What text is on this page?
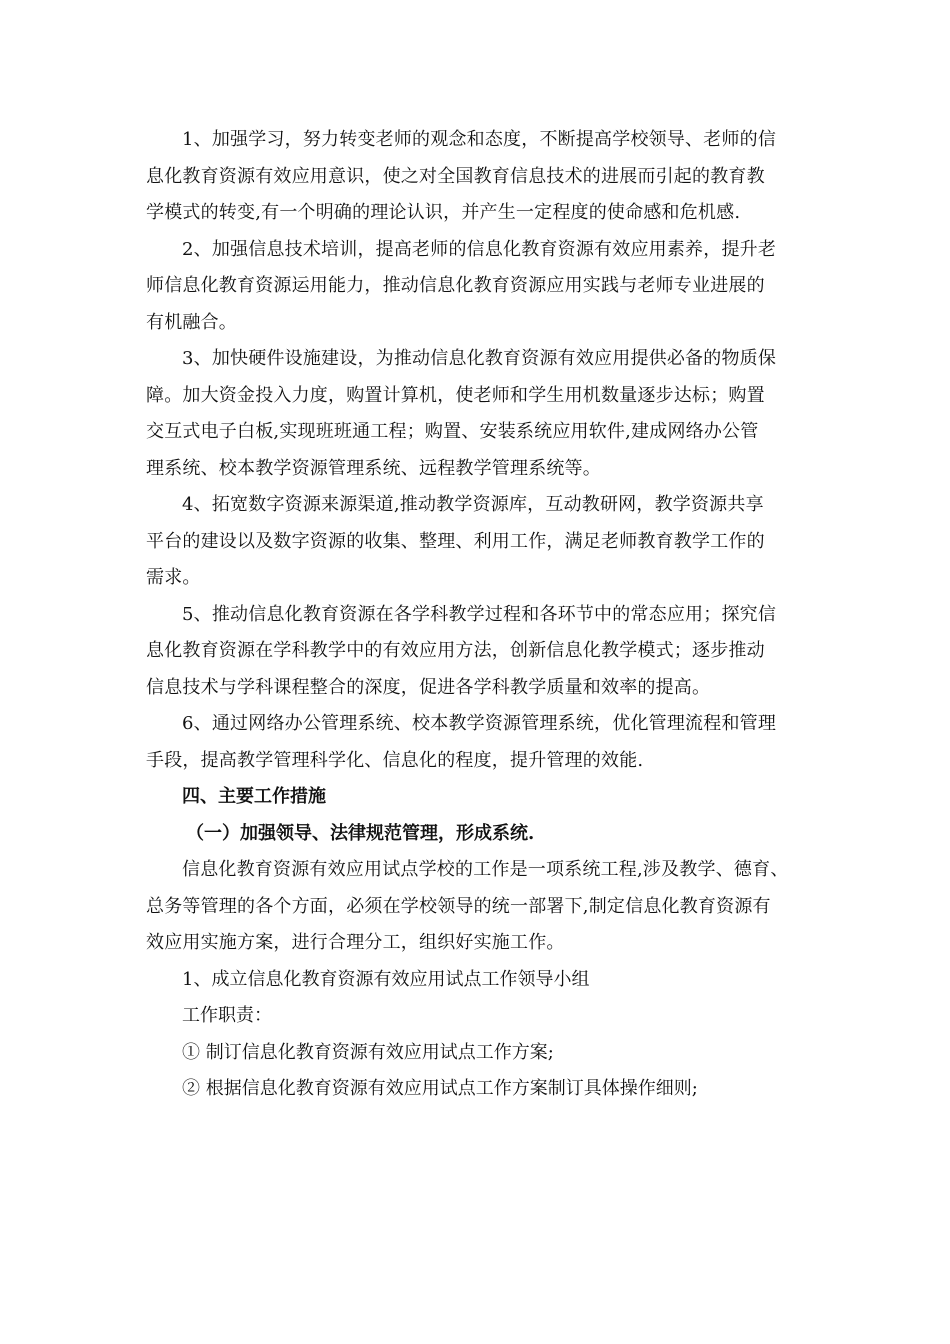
1、加强学习，努力转变老师的观念和态度，不断提高学校领导、老师的信
息化教育资源有效应用意识，使之对全国教育信息技术的进展而引起的教育教
学模式的转变,有一个明确的理论认识，并产生一定程度的使命感和危机感.

2、加强信息技术培训，提高老师的信息化教育资源有效应用素养，提升老
师信息化教育资源运用能力，推动信息化教育资源应用实践与老师专业进展的
有机融合。

3、加快硬件设施建设，为推动信息化教育资源有效应用提供必备的物质保
障。加大资金投入力度，购置计算机，使老师和学生用机数量逐步达标；购置
交互式电子白板,实现班班通工程；购置、安装系统应用软件,建成网络办公管
理系统、校本教学资源管理系统、远程教学管理系统等。

4、拓宽数字资源来源渠道,推动教学资源库，互动教研网，教学资源共享
平台的建设以及数字资源的收集、整理、利用工作，满足老师教育教学工作的
需求。

5、推动信息化教育资源在各学科教学过程和各环节中的常态应用；探究信
息化教育资源在学科教学中的有效应用方法，创新信息化教学模式；逐步推动
信息技术与学科课程整合的深度，促进各学科教学质量和效率的提高。

6、通过网络办公管理系统、校本教学资源管理系统，优化管理流程和管理
手段，提高教学管理科学化、信息化的程度，提升管理的效能.

四、主要工作措施

（一）加强领导、法律规范管理，形成系统.

信息化教育资源有效应用试点学校的工作是一项系统工程,涉及教学、德育、
总务等管理的各个方面，必须在学校领导的统一部署下,制定信息化教育资源有
效应用实施方案，进行合理分工，组织好实施工作。

1、成立信息化教育资源有效应用试点工作领导小组

工作职责：

① 制订信息化教育资源有效应用试点工作方案;

② 根据信息化教育资源有效应用试点工作方案制订具体操作细则;
